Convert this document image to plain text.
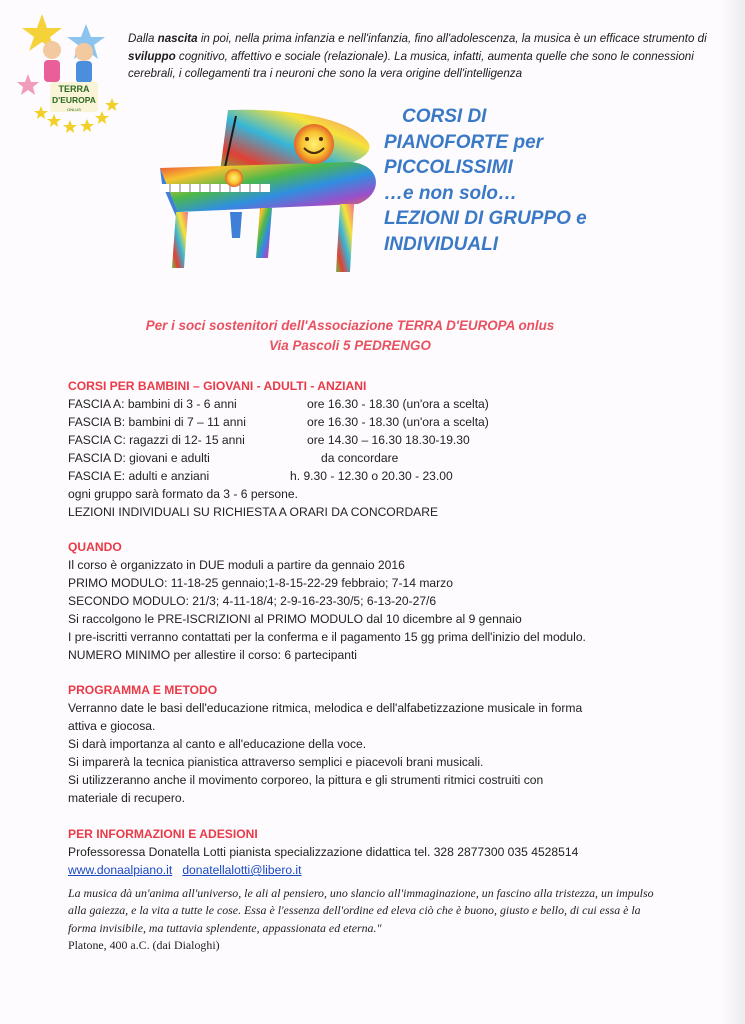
TERRA
D'EUROPA
ONLUS
Dalla nascita in poi, nella prima infanzia e nell'infanzia, fino all'adolescenza, la musica è un efficace strumento di sviluppo cognitivo, affettivo e sociale (relazionale). La musica, infatti, aumenta quelle che sono le connessioni cerebrali, i collegamenti tra i neuroni che sono la vera origine dell'intelligenza
CORSI DI
PIANOFORTE per
PICCOLISSIMI
…e non solo…
LEZIONI DI GRUPPO e
INDIVIDUALI
Per i soci sostenitori dell'Associazione TERRA D'EUROPA onlus
Via Pascoli 5 PEDRENGO
CORSI PER BAMBINI – GIOVANI - ADULTI - ANZIANI
FASCIA A: bambini di 3 - 6 anni	ore 16.30 - 18.30 (un'ora a scelta)
FASCIA B: bambini di 7 – 11 anni	ore 16.30 - 18.30 (un'ora a scelta)
FASCIA C: ragazzi di 12- 15 anni	ore 14.30 – 16.30 18.30-19.30
FASCIA D: giovani e adulti	da concordare
FASCIA E: adulti e anziani	h. 9.30 - 12.30 o 20.30 - 23.00
ogni gruppo sarà formato da 3 - 6 persone.
LEZIONI INDIVIDUALI SU RICHIESTA A ORARI DA CONCORDARE
QUANDO
Il corso è organizzato in DUE moduli a partire da gennaio 2016
PRIMO MODULO: 11-18-25 gennaio;1-8-15-22-29 febbraio; 7-14 marzo
SECONDO MODULO: 21/3; 4-11-18/4; 2-9-16-23-30/5; 6-13-20-27/6
Si raccolgono le PRE-ISCRIZIONI al PRIMO MODULO dal 10 dicembre al 9 gennaio
I pre-iscritti verranno contattati per la conferma e il pagamento 15 gg prima dell'inizio del modulo.
NUMERO MINIMO per allestire il corso: 6 partecipanti
PROGRAMMA E METODO
Verranno date le basi dell'educazione ritmica, melodica e dell'alfabetizzazione musicale in forma
attiva e giocosa.
Si darà importanza al canto e all'educazione della voce.
Si imparerà la tecnica pianistica attraverso semplici e piacevoli brani musicali.
Si utilizzeranno anche il movimento corporeo, la pittura e gli strumenti ritmici costruiti con
materiale di recupero.
PER INFORMAZIONI E ADESIONI
Professoressa Donatella Lotti pianista specializzazione didattica tel. 328 2877300 035 4528514
www.donaalpiano.it donatellalotti@libero.it
La musica dà un'anima all'universo, le ali al pensiero, uno slancio all'immaginazione, un fascino alla tristezza, un impulso alla gaiezza, e la vita a tutte le cose. Essa è l'essenza dell'ordine ed eleva ciò che è buono, giusto e bello, di cui essa è la forma invisibile, ma tuttavia splendente, appassionata ed eterna."
Platone, 400 a.C. (dai Dialoghi)
